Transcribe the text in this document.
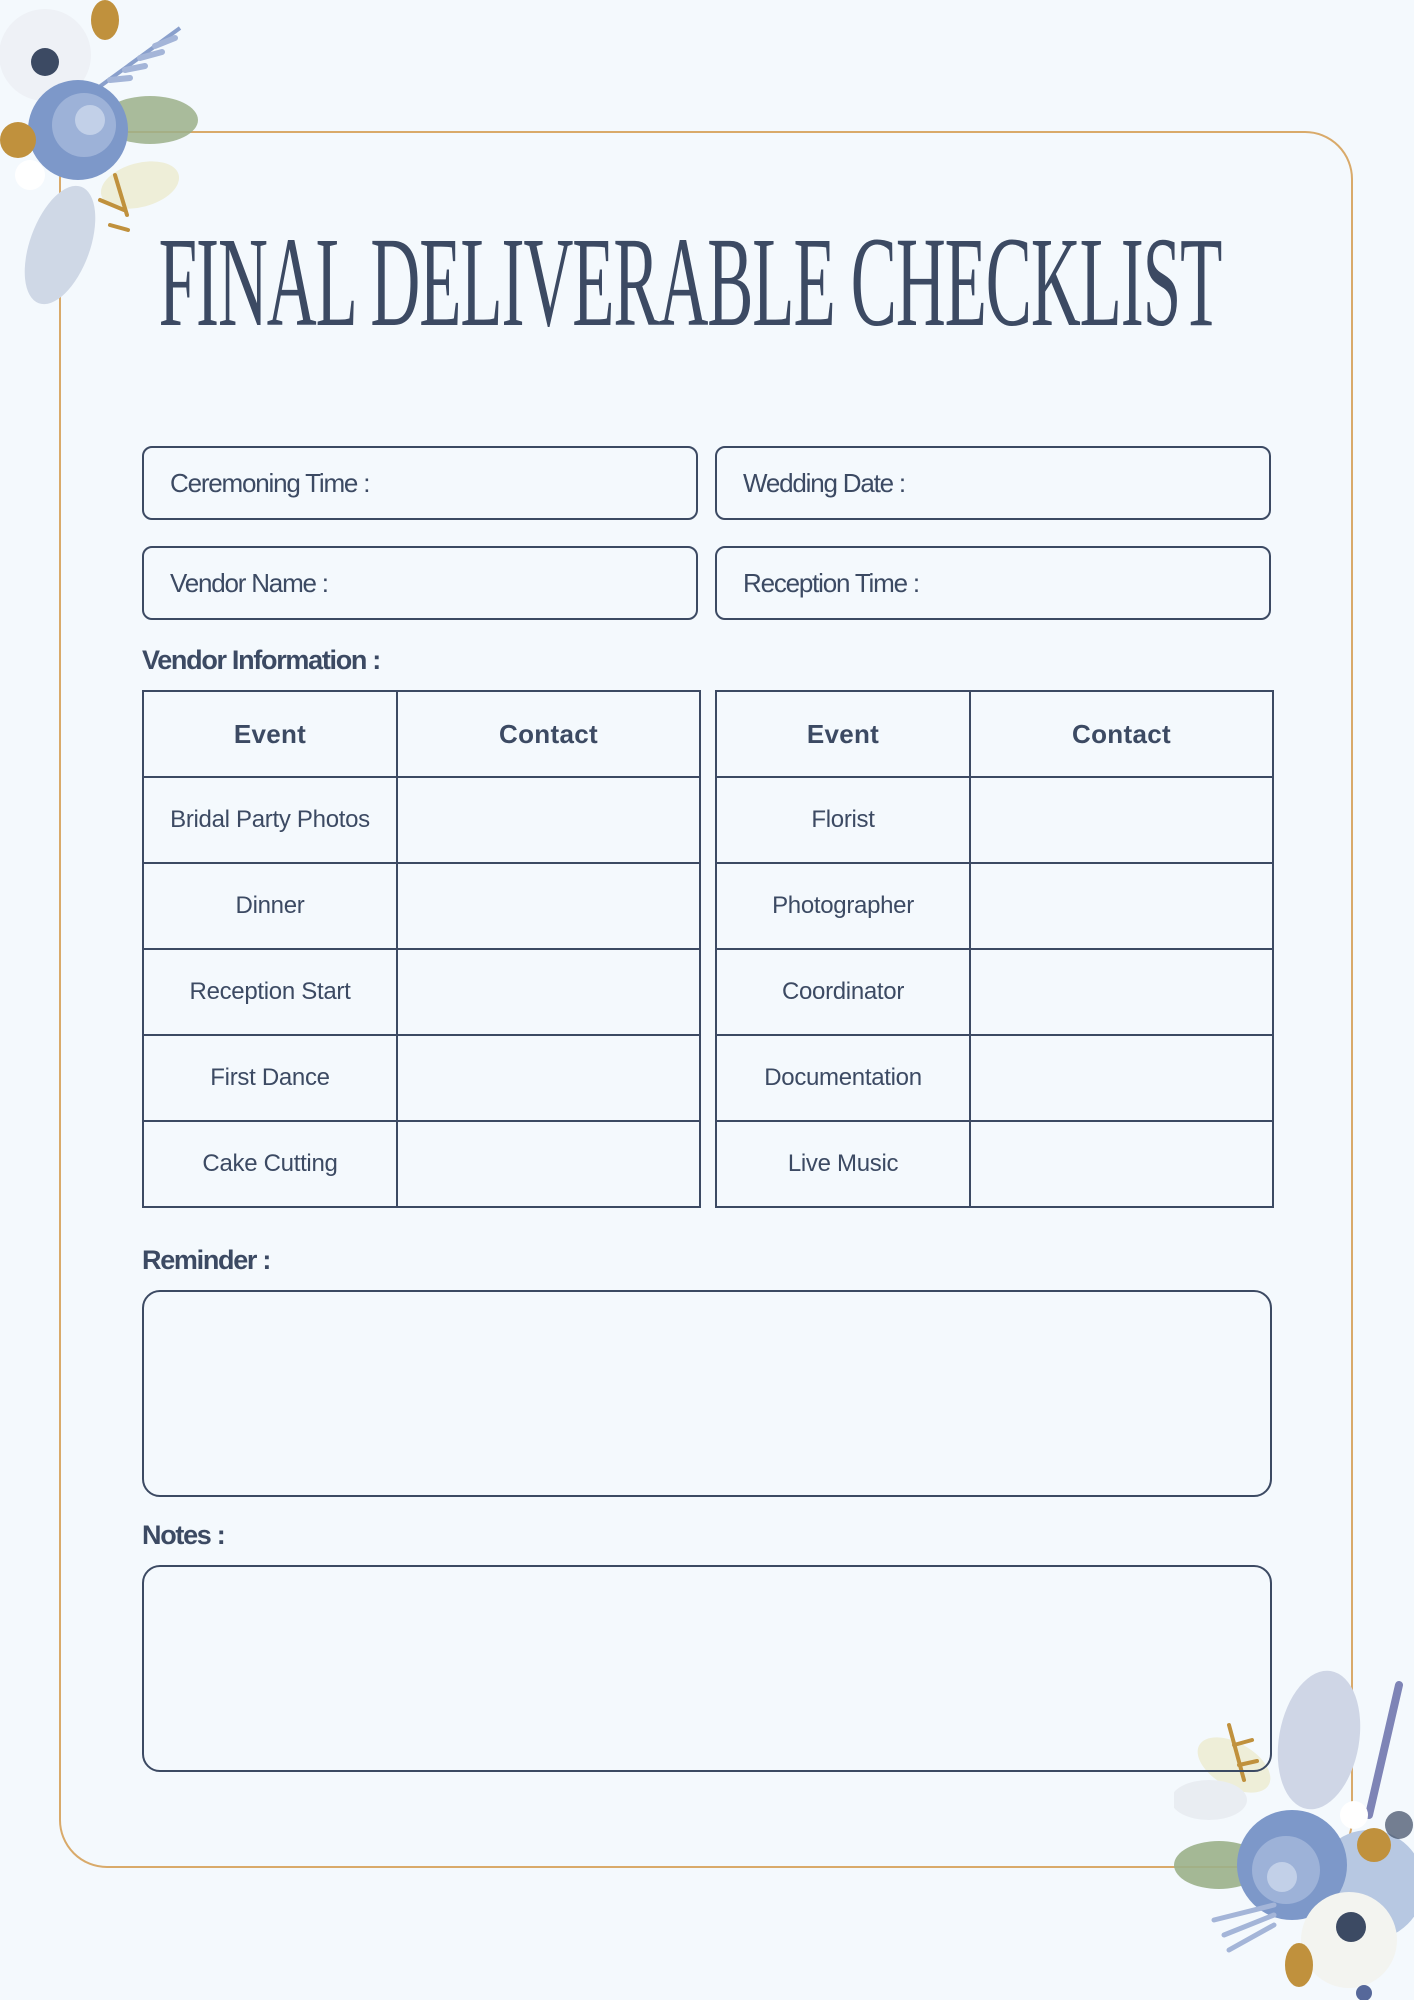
FINAL DELIVERABLE CHECKLIST
Ceremoning Time :	Wedding Date :
Vendor Name :	Reception Time :
Vendor Information :
Event	Contact
Bridal Party Photos	
Dinner	
Reception Start	
First Dance	
Cake Cutting	
Event	Contact
Florist	
Photographer	
Coordinator	
Documentation	
Live Music	
Reminder :
Notes :
